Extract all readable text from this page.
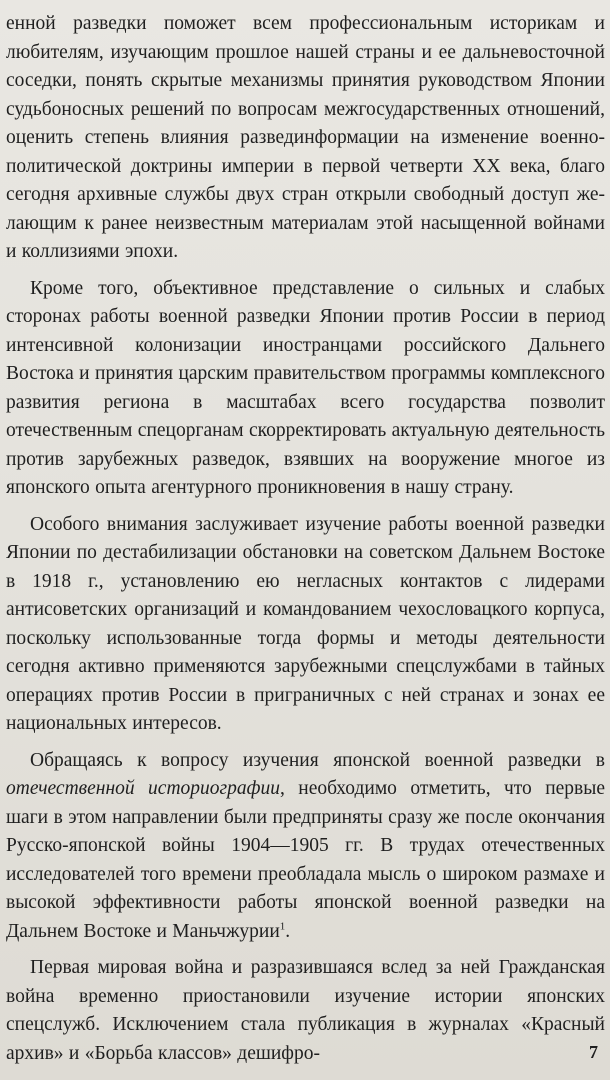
енной разведки поможет всем профессиональным историкам и любителям, изучающим прошлое нашей страны и ее дальневосточной соседки, понять скрытые механизмы принятия руководством Японии судьбоносных решений по вопросам межгосударственных отношений, оценить степень влияния развединформации на изменение военно-политической доктрины империи в первой четверти XX века, благо сегодня архивные службы двух стран открыли свободный доступ желающим к ранее неизвестным материалам этой насыщенной войнами и коллизиями эпохи.

Кроме того, объективное представление о сильных и слабых сторонах работы военной разведки Японии против России в период интенсивной колонизации иностранцами российского Дальнего Востока и принятия царским правительством программы комплексного развития региона в масштабах всего государства позволит отечественным спецорганам скорректировать актуальную деятельность против зарубежных разведок, взявших на вооружение многое из японского опыта агентурного проникновения в нашу страну.

Особого внимания заслуживает изучение работы военной разведки Японии по дестабилизации обстановки на советском Дальнем Востоке в 1918 г., установлению ею негласных контактов с лидерами антисоветских организаций и командованием чехословацкого корпуса, поскольку использованные тогда формы и методы деятельности сегодня активно применяются зарубежными спецслужбами в тайных операциях против России в приграничных с ней странах и зонах ее национальных интересов.

Обращаясь к вопросу изучения японской военной разведки в отечественной историографии, необходимо отметить, что первые шаги в этом направлении были предприняты сразу же после окончания Русско-японской войны 1904—1905 гг. В трудах отечественных исследователей того времени преобладала мысль о широком размахе и высокой эффективности работы японской военной разведки на Дальнем Востоке и Маньчжурии$^1$.

Первая мировая война и разразившаяся вслед за ней Гражданская война временно приостановили изучение истории японских спецслужб. Исключением стала публикация в журналах «Красный архив» и «Борьба классов» дешифро-	7
